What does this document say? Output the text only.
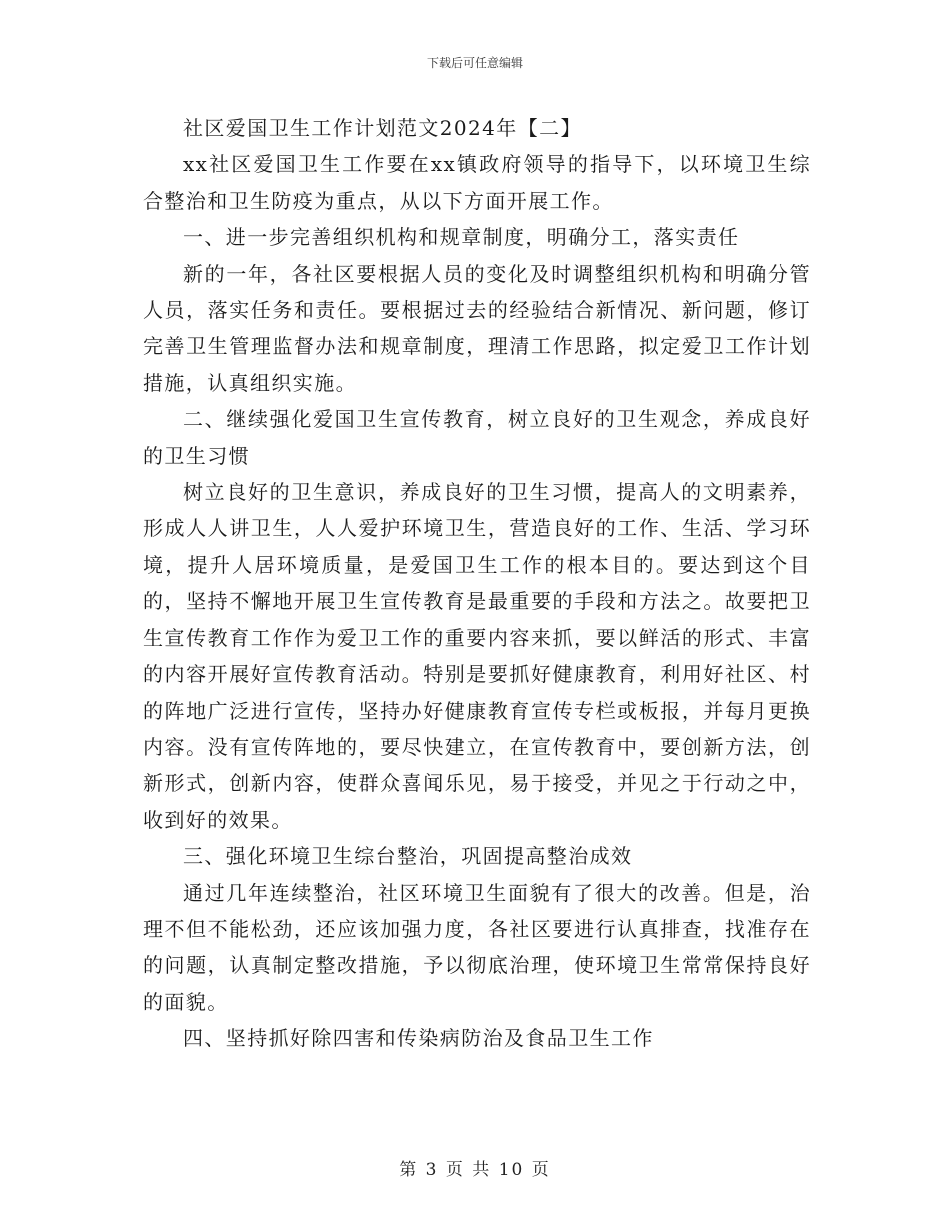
下载后可任意编辑

社区爱国卫生工作计划范文2024年【二】

xx社区爱国卫生工作要在xx镇政府领导的指导下，以环境卫生综合整治和卫生防疫为重点，从以下方面开展工作。

一、进一步完善组织机构和规章制度，明确分工，落实责任

新的一年，各社区要根据人员的变化及时调整组织机构和明确分管人员，落实任务和责任。要根据过去的经验结合新情况、新问题，修订完善卫生管理监督办法和规章制度，理清工作思路，拟定爱卫工作计划措施，认真组织实施。

二、继续强化爱国卫生宣传教育，树立良好的卫生观念，养成良好的卫生习惯

树立良好的卫生意识，养成良好的卫生习惯，提高人的文明素养，形成人人讲卫生，人人爱护环境卫生，营造良好的工作、生活、学习环境，提升人居环境质量，是爱国卫生工作的根本目的。要达到这个目的，坚持不懈地开展卫生宣传教育是最重要的手段和方法之。故要把卫生宣传教育工作作为爱卫工作的重要内容来抓，要以鲜活的形式、丰富的内容开展好宣传教育活动。特别是要抓好健康教育，利用好社区、村的阵地广泛进行宣传，坚持办好健康教育宣传专栏或板报，并每月更换内容。没有宣传阵地的，要尽快建立，在宣传教育中，要创新方法，创新形式，创新内容，使群众喜闻乐见，易于接受，并见之于行动之中，收到好的效果。

三、强化环境卫生综台整治，巩固提高整治成效

通过几年连续整治，社区环境卫生面貌有了很大的改善。但是，治理不但不能松劲，还应该加强力度，各社区要进行认真排查，找准存在的问题，认真制定整改措施，予以彻底治理，使环境卫生常常保持良好的面貌。

四、坚持抓好除四害和传染病防治及食品卫生工作

第 3 页 共 10 页
